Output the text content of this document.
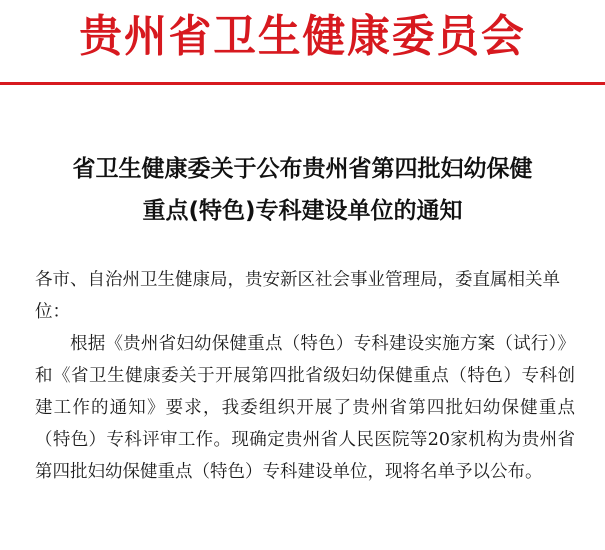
贵州省卫生健康委员会
省卫生健康委关于公布贵州省第四批妇幼保健
重点(特色)专科建设单位的通知

各市、自治州卫生健康局，贵安新区社会事业管理局，委直属相关单位：

根据《贵州省妇幼保健重点（特色）专科建设实施方案（试行）》和《省卫生健康委关于开展第四批省级妇幼保健重点（特色）专科创建工作的通知》要求，我委组织开展了贵州省第四批妇幼保健重点（特色）专科评审工作。现确定贵州省人民医院等20家机构为贵州省第四批妇幼保健重点（特色）专科建设单位，现将名单予以公布。
